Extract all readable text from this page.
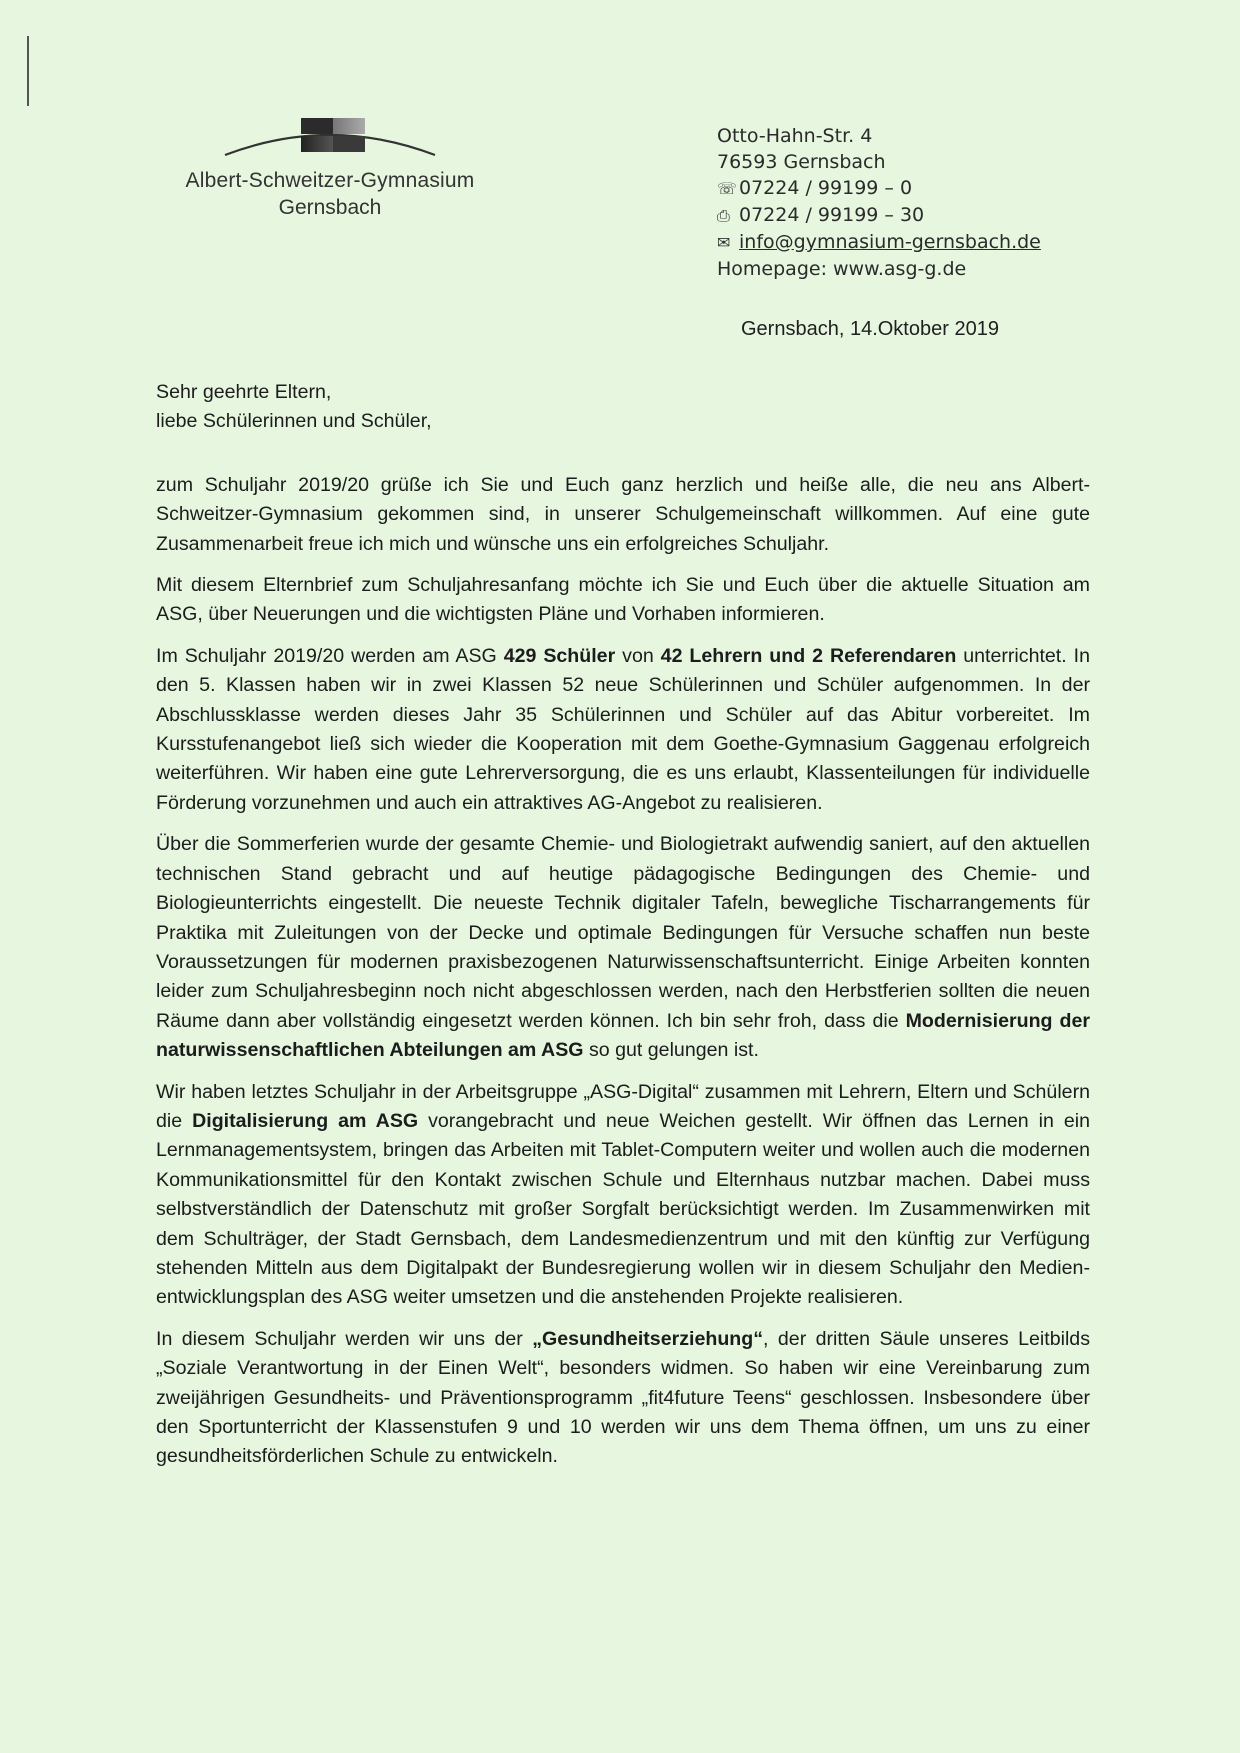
Albert-Schweitzer-Gymnasium
Gernsbach
Otto-Hahn-Str. 4
76593 Gernsbach
☏ 07224 / 99199 – 0
⎙ 07224 / 99199 – 30
✉ info@gymnasium-gernsbach.de
Homepage: www.asg-g.de
Gernsbach, 14.Oktober 2019

Sehr geehrte Eltern,

liebe Schülerinnen und Schüler,

zum Schuljahr 2019/20 grüße ich Sie und Euch ganz herzlich und heiße alle, die neu ans Albert-Schweitzer-Gymnasium gekommen sind, in unserer Schulgemeinschaft willkommen. Auf eine gute Zusammenarbeit freue ich mich und wünsche uns ein erfolgreiches Schuljahr.

Mit diesem Elternbrief zum Schuljahresanfang möchte ich Sie und Euch über die aktuelle Situation am ASG, über Neuerungen und die wichtigsten Pläne und Vorhaben informieren.

Im Schuljahr 2019/20 werden am ASG 429 Schüler von 42 Lehrern und 2 Referendaren unterrichtet. In den 5. Klassen haben wir in zwei Klassen 52 neue Schülerinnen und Schüler aufgenommen. In der Abschlussklasse werden dieses Jahr 35 Schülerinnen und Schüler auf das Abitur vorbereitet. Im Kursstufenangebot ließ sich wieder die Kooperation mit dem Goethe-Gymnasium Gaggenau erfolgreich weiterführen. Wir haben eine gute Lehrerversorgung, die es uns erlaubt, Klassenteilungen für individuelle Förderung vorzunehmen und auch ein attraktives AG-Angebot zu realisieren.

Über die Sommerferien wurde der gesamte Chemie- und Biologietrakt aufwendig saniert, auf den aktuellen technischen Stand gebracht und auf heutige pädagogische Bedingungen des Chemie- und Biologieunterrichts eingestellt. Die neueste Technik digitaler Tafeln, bewegliche Tischarrangements für Praktika mit Zuleitungen von der Decke und optimale Bedingungen für Versuche schaffen nun beste Voraussetzungen für modernen praxisbezogenen Naturwissenschaftsunterricht. Einige Arbeiten konnten leider zum Schuljahresbeginn noch nicht abgeschlossen werden, nach den Herbstferien sollten die neuen Räume dann aber vollständig eingesetzt werden können. Ich bin sehr froh, dass die Modernisierung der naturwissenschaftlichen Abteilungen am ASG so gut gelungen ist.

Wir haben letztes Schuljahr in der Arbeitsgruppe „ASG-Digital“ zusammen mit Lehrern, Eltern und Schülern die Digitalisierung am ASG vorangebracht und neue Weichen gestellt. Wir öffnen das Lernen in ein Lernmanagementsystem, bringen das Arbeiten mit Tablet-Computern weiter und wollen auch die modernen Kommunikationsmittel für den Kontakt zwischen Schule und Elternhaus nutzbar machen. Dabei muss selbstverständlich der Datenschutz mit großer Sorgfalt berücksichtigt werden. Im Zusammenwirken mit dem Schulträger, der Stadt Gernsbach, dem Landesmedienzentrum und mit den künftig zur Verfügung stehenden Mitteln aus dem Digitalpakt der Bundesregierung wollen wir in diesem Schuljahr den Medienentwicklungsplan des ASG weiter umsetzen und die anstehenden Projekte realisieren.

In diesem Schuljahr werden wir uns der „Gesundheitserziehung“, der dritten Säule unseres Leitbilds „Soziale Verantwortung in der Einen Welt“, besonders widmen. So haben wir eine Vereinbarung zum zweijährigen Gesundheits- und Präventionsprogramm „fit4future Teens“ geschlossen. Insbesondere über den Sportunterricht der Klassenstufen 9 und 10 werden wir uns dem Thema öffnen, um uns zu einer gesundheitsförderlichen Schule zu entwickeln.
